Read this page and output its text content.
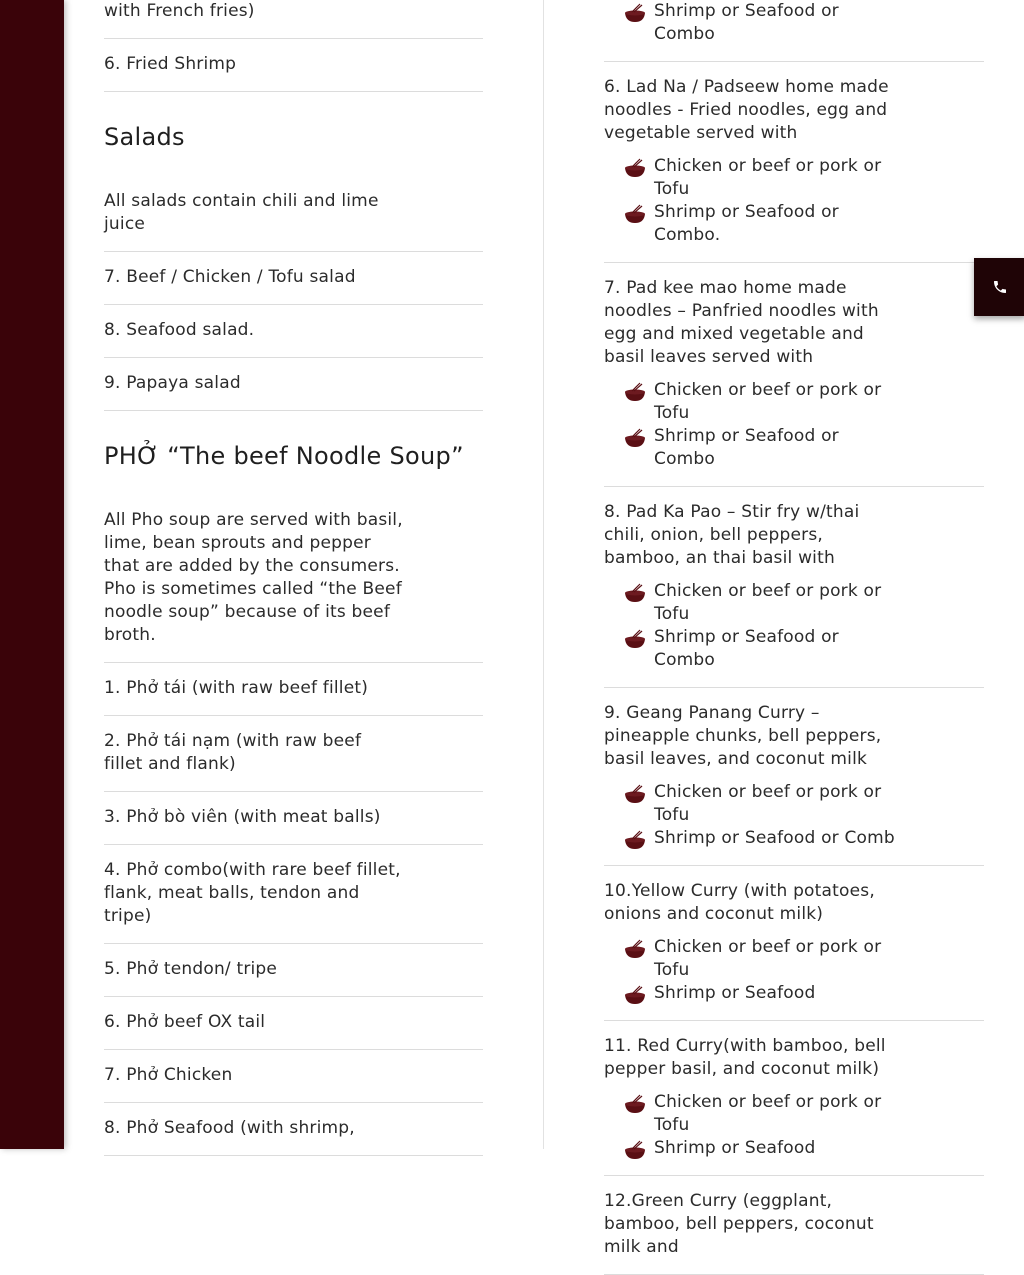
with French fries)
6. Fried Shrimp
Salads
All salads contain chili and lime juice
7. Beef / Chicken / Tofu salad
8. Seafood salad.
9. Papaya salad
PHỞ “The beef Noodle Soup”
All Pho soup are served with basil, lime, bean sprouts and pepper that are added by the consumers. Pho is sometimes called “the Beef noodle soup” because of its beef broth.
1. Phở tái (with raw beef fillet)
2. Phở tái nạm (with raw beef fillet and flank)
3. Phở bò viên (with meat balls)
4. Phở combo(with rare beef fillet, flank, meat balls, tendon and tripe)
5. Phở tendon/ tripe
6. Phở beef OX tail
7. Phở Chicken
8. Phở Seafood (with shrimp,
Shrimp or Seafood or Combo
6. Lad Na / Padseew home made noodles - Fried noodles, egg and vegetable served with
Chicken or beef or pork or Tofu
Shrimp or Seafood or Combo.
7. Pad kee mao home made noodles – Panfried noodles with egg and mixed vegetable and basil leaves served with
Chicken or beef or pork or Tofu
Shrimp or Seafood or Combo
8. Pad Ka Pao – Stir fry w/thai chili, onion, bell peppers, bamboo, an thai basil with
Chicken or beef or pork or Tofu
Shrimp or Seafood or Combo
9. Geang Panang Curry – pineapple chunks, bell peppers, basil leaves, and coconut milk
Chicken or beef or pork or Tofu
Shrimp or Seafood or Comb
10.Yellow Curry (with potatoes, onions and coconut milk)
Chicken or beef or pork or Tofu
Shrimp or Seafood
11. Red Curry(with bamboo, bell pepper basil, and coconut milk)
Chicken or beef or pork or Tofu
Shrimp or Seafood
12.Green Curry (eggplant, bamboo, bell peppers, coconut milk and
